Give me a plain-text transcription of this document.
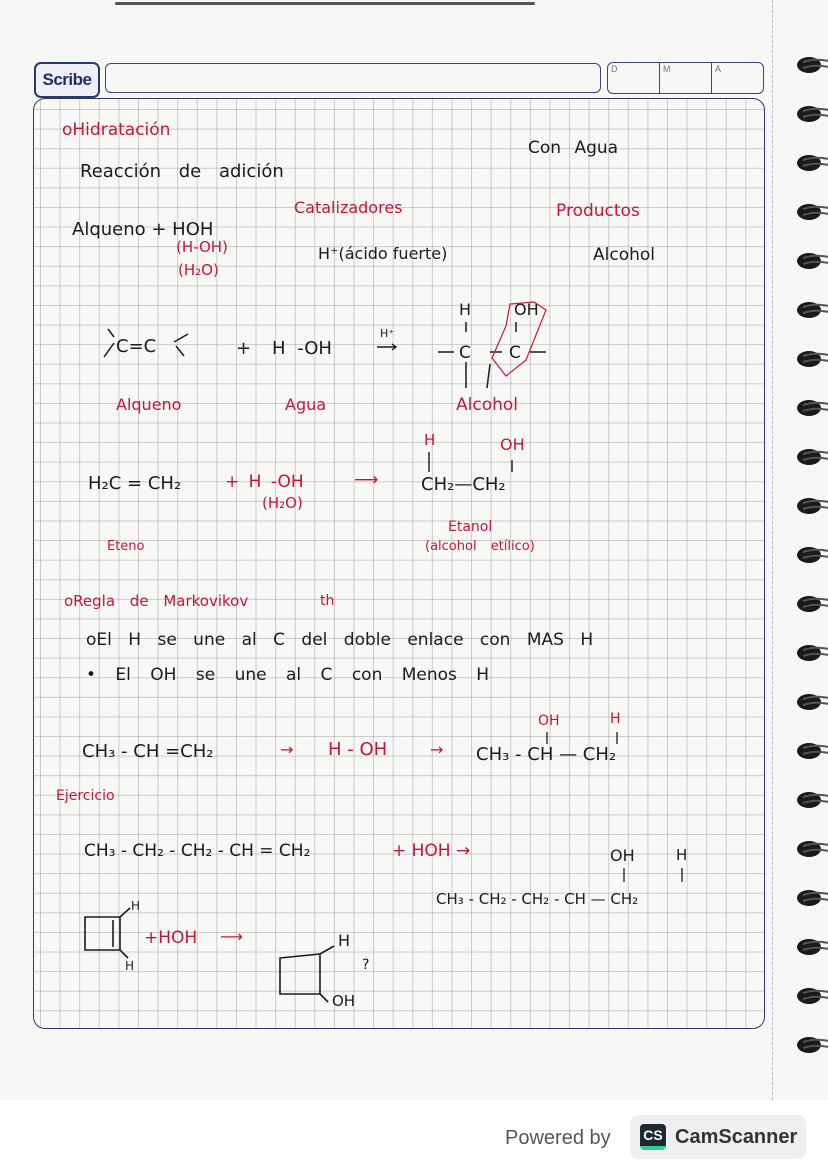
Scribe
D	M	A
oHidratación
Reacción de adición
Con Agua
Alqueno + HOH
(H-OH)
(H₂O)
Catalizadores
H⁺(ácido fuerte)
Productos
Alcohol
C=C	+ H -OH
H⁺
H	OH
C C
Alqueno	Agua	Alcohol
H₂C = CH₂	+ H -OH
(H₂O)
⟶
H	OH
CH₂—CH₂
Eteno
Etanol
(alcohol etílico)
oRegla de Markovikov	th
oEl H se une al C del doble enlace con MAS H
• El OH se une al C con Menos H
CH₃ - CH =CH₂	→ H - OH	→
OH	H
CH₃ - CH — CH₂
Ejercicio
CH₃ - CH₂ - CH₂ - CH = CH₂	+ HOH →	OH	H
CH₃ - CH₂ - CH₂ - CH — CH₂
H
H
+HOH ⟶	H
OH
?
Powered by CS CamScanner
